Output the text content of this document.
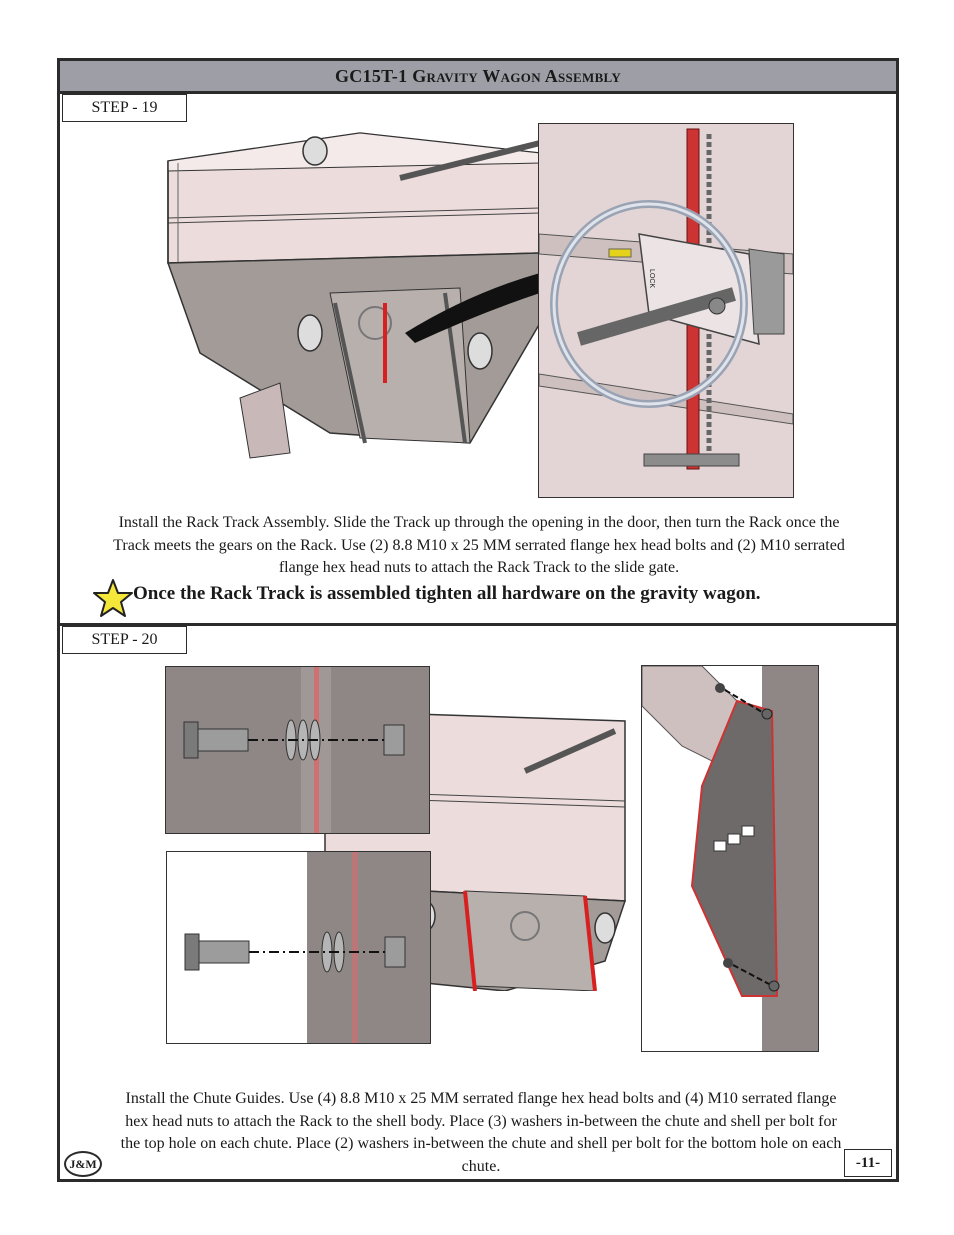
GC15T-1 Gravity Wagon Assembly
STEP - 19
LOCK
Install the Rack Track Assembly. Slide the Track up through the opening in the door, then turn the Rack once the Track meets the gears on the Rack. Use (2) 8.8 M10 x 25 MM serrated flange hex head bolts and (2) M10 serrated flange hex head nuts to attach the Rack Track to the slide gate.
Once the Rack Track is assembled tighten all hardware on the gravity wagon.
STEP - 20
Install the Chute Guides. Use (4) 8.8 M10 x 25 MM serrated flange hex head bolts and (4) M10 serrated flange hex head nuts to attach the Rack to the shell body. Place (3) washers in-between the chute and shell per bolt for the top hole on each chute. Place (2) washers in-between the chute and shell per bolt for the bottom hole on each chute.
J&M	-11-
